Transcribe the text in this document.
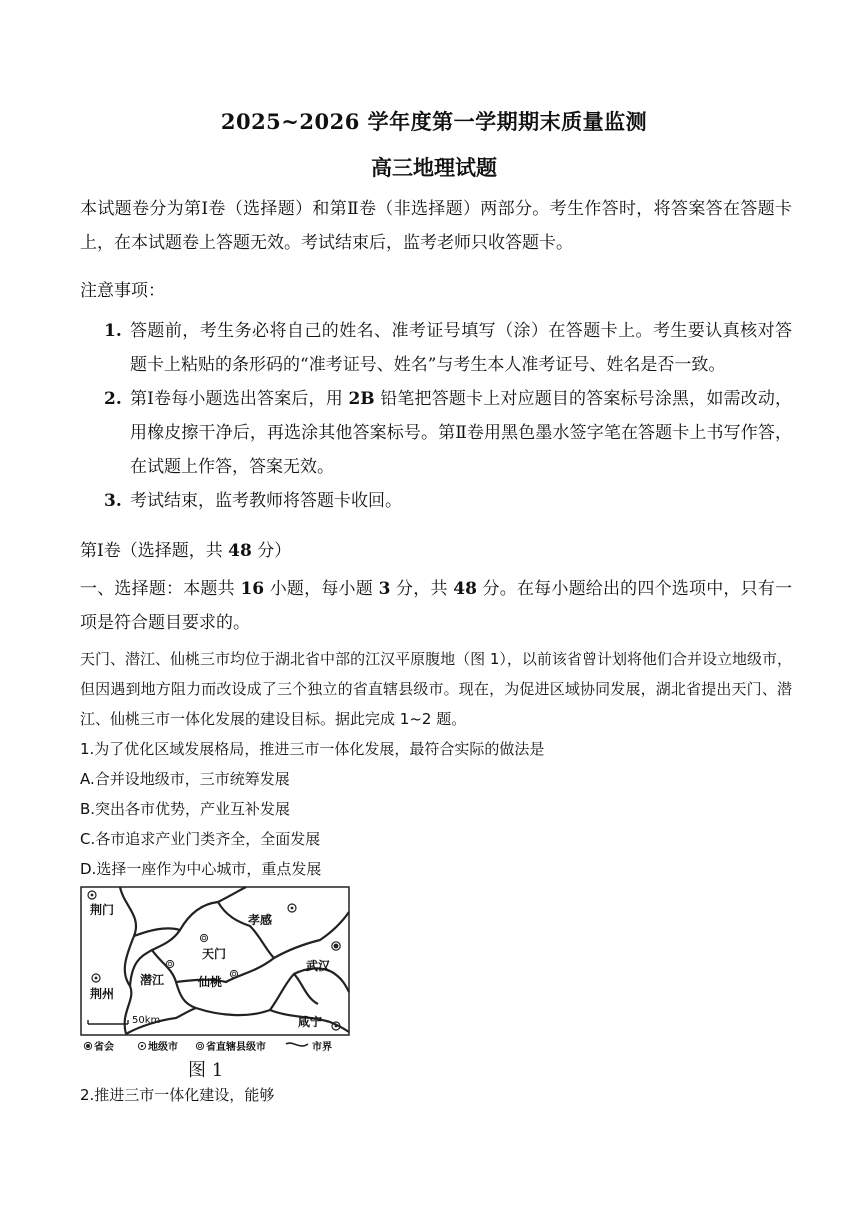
2025~2026 学年度第一学期期末质量监测
高三地理试题
本试题卷分为第Ⅰ卷（选择题）和第Ⅱ卷（非选择题）两部分。考生作答时，将答案答在答题卡上，在本试题卷上答题无效。考试结束后，监考老师只收答题卡。
注意事项：
1. 答题前，考生务必将自己的姓名、准考证号填写（涂）在答题卡上。考生要认真核对答题卡上粘贴的条形码的“准考证号、姓名”与考生本人准考证号、姓名是否一致。
2. 第Ⅰ卷每小题选出答案后，用 2B 铅笔把答题卡上对应题目的答案标号涂黑，如需改动，用橡皮擦干净后，再选涂其他答案标号。第Ⅱ卷用黑色墨水签字笔在答题卡上书写作答，在试题上作答，答案无效。
3. 考试结束，监考教师将答题卡收回。
第Ⅰ卷（选择题，共 48 分）
一、选择题：本题共 16 小题，每小题 3 分，共 48 分。在每小题给出的四个选项中，只有一项是符合题目要求的。
天门、潜江、仙桃三市均位于湖北省中部的江汉平原腹地（图 1），以前该省曾计划将他们合并设立地级市，但因遇到地方阻力而改设成了三个独立的省直辖县级市。现在，为促进区域协同发展，湖北省提出天门、潜江、仙桃三市一体化发展的建设目标。据此完成 1~2 题。
1.为了优化区域发展格局，推进三市一体化发展，最符合实际的做法是
A.合并设地级市，三市统筹发展
B.突出各市优势，产业互补发展
C.各市追求产业门类齐全，全面发展
D.选择一座作为中心城市，重点发展
荆门
孝感
天门
武汉
潜江	仙桃
荆州
咸宁
50km
省会	地级市	省直辖县级市	市界
图 1
2.推进三市一体化建设，能够
